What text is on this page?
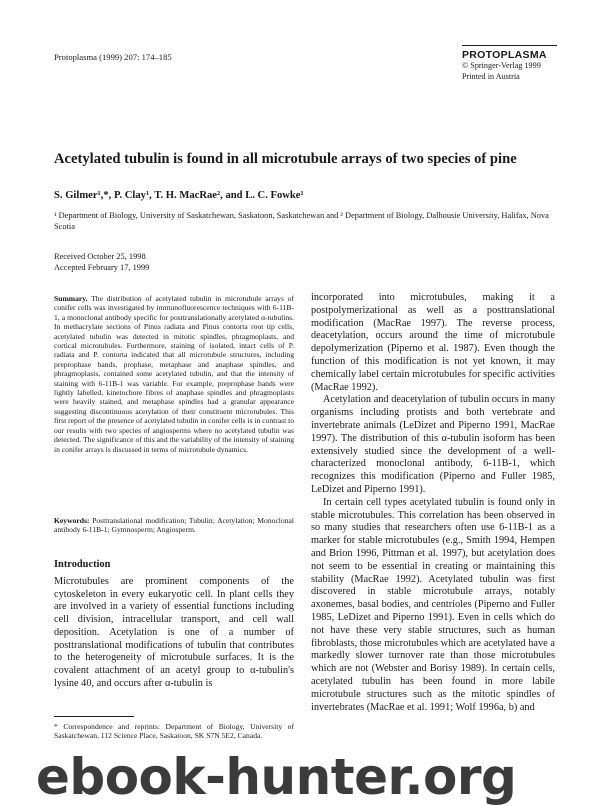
Protoplasma (1999) 207: 174–185	PROTOPLASMA
© Springer-Verlag 1999
Printed in Austria
Acetylated tubulin is found in all microtubule arrays of two species of pine
S. Gilmer¹,*, P. Clay¹, T. H. MacRae², and L. C. Fowke¹
¹ Department of Biology, University of Saskatchewan, Saskatoon, Saskatchewan and ² Department of Biology, Dalhousie University, Halifax, Nova Scotia
Received October 25, 1998
Accepted February 17, 1999
Summary. The distribution of acetylated tubulin in microtubule arrays of conifer cells was investigated by immunofluorescence techniques with 6-11B-1, a monoclonal antibody specific for posttranslationally acetylated α-tubulins. In methacrylate sections of Pinus radiata and Pinus contorta root tip cells, acetylated tubulin was detected in mitotic spindles, phragmoplasts, and cortical microtubules. Furthermore, staining of isolated, intact cells of P. radiata and P. contorta indicated that all microtubule structures, including preprophase bands, prophase, metaphase and anaphase spindles, and phragmoplasts, contained some acetylated tubulin, and that the intensity of staining with 6-11B-1 was variable. For example, preprophase bands were lightly labelled, kinetochore fibres of anaphase spindles and phragmoplasts were heavily stained, and metaphase spindles had a granular appearance suggesting discontinuous acetylation of their constituent microtubules. This first report of the presence of acetylated tubulin in conifer cells is in contrast to our results with two species of angiosperms where no acetylated tubulin was detected. The significance of this and the variability of the intensity of staining in conifer arrays is discussed in terms of microtubule dynamics.
Keywords: Posttranslational modification; Tubulin; Acetylation; Monoclonal antibody 6-11B-1; Gymnosperm; Angiosperm.
Introduction
Microtubules are prominent components of the cytoskeleton in every eukaryotic cell. In plant cells they are involved in a variety of essential functions including cell division, intracellular transport, and cell wall deposition. Acetylation is one of a number of posttranslational modifications of tubulin that contributes to the heterogeneity of microtubule surfaces. It is the covalent attachment of an acetyl group to α-tubulin's lysine 40, and occurs after α-tubulin is
* Correspondence and reprints: Department of Biology, University of Saskatchewan, 112 Science Place, Saskatoon, SK S7N 5E2, Canada.

incorporated into microtubules, making it a postpolymerizational as well as a posttranslational modification (MacRae 1997). The reverse process, deacetylation, occurs around the time of microtubule depolymerization (Piperno et al. 1987). Even though the function of this modification is not yet known, it may chemically label certain microtubules for specific activities (MacRae 1992).

Acetylation and deacetylation of tubulin occurs in many organisms including protists and both vertebrate and invertebrate animals (LeDizet and Piperno 1991, MacRae 1997). The distribution of this α-tubulin isoform has been extensively studied since the development of a well-characterized monoclonal antibody, 6-11B-1, which recognizes this modification (Piperno and Fuller 1985, LeDizet and Piperno 1991).

In certain cell types acetylated tubulin is found only in stable microtubules. This correlation has been observed in so many studies that researchers often use 6-11B-1 as a marker for stable microtubules (e.g., Smith 1994, Hempen and Brion 1996, Pittman et al. 1997), but acetylation does not seem to be essential in creating or maintaining this stability (MacRae 1992). Acetylated tubulin was first discovered in stable microtubule arrays, notably axonemes, basal bodies, and centrioles (Piperno and Fuller 1985, LeDizet and Piperno 1991). Even in cells which do not have these very stable structures, such as human fibroblasts, those microtubules which are acetylated have a markedly slower turnover rate than those microtubules which are not (Webster and Borisy 1989). In certain cells, acetylated tubulin has been found in more labile microtubule structures such as the mitotic spindles of invertebrates (MacRae et al. 1991; Wolf 1996a, b) and

ebook-hunter.org
